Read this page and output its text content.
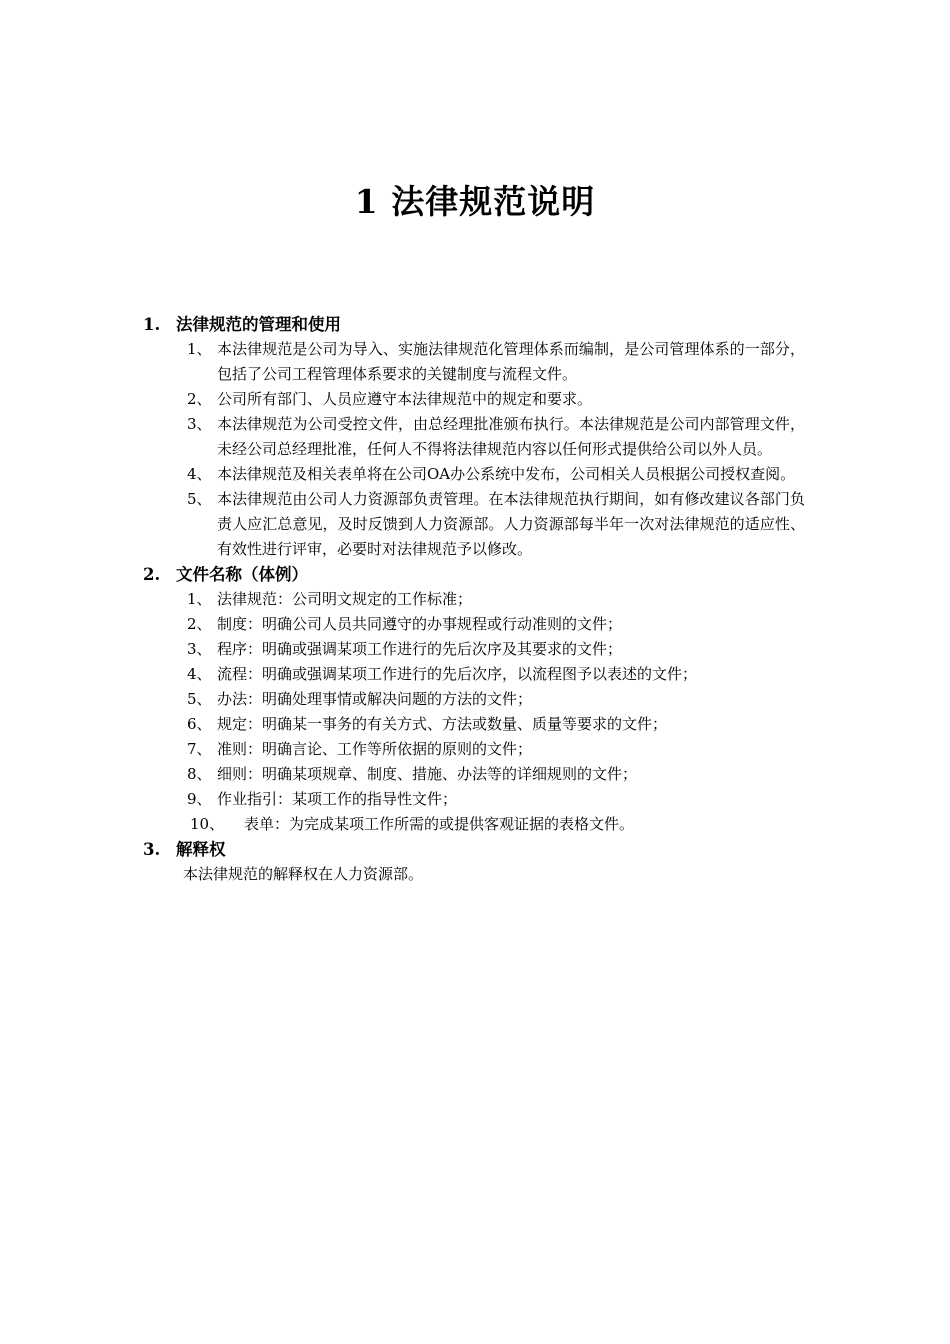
1 法律规范说明
1. 法律规范的管理和使用
1、 本法律规范是公司为导入、实施法律规范化管理体系而编制，是公司管理体系的一部分，包括了公司工程管理体系要求的关键制度与流程文件。
2、 公司所有部门、人员应遵守本法律规范中的规定和要求。
3、 本法律规范为公司受控文件，由总经理批准颁布执行。本法律规范是公司内部管理文件，未经公司总经理批准，任何人不得将法律规范内容以任何形式提供给公司以外人员。
4、 本法律规范及相关表单将在公司OA办公系统中发布，公司相关人员根据公司授权查阅。
5、 本法律规范由公司人力资源部负责管理。在本法律规范执行期间，如有修改建议各部门负责人应汇总意见，及时反馈到人力资源部。人力资源部每半年一次对法律规范的适应性、有效性进行评审，必要时对法律规范予以修改。
2. 文件名称（体例）
1、 法律规范：公司明文规定的工作标准；
2、 制度：明确公司人员共同遵守的办事规程或行动准则的文件；
3、 程序：明确或强调某项工作进行的先后次序及其要求的文件；
4、 流程：明确或强调某项工作进行的先后次序，以流程图予以表述的文件；
5、 办法：明确处理事情或解决问题的方法的文件；
6、 规定：明确某一事务的有关方式、方法或数量、质量等要求的文件；
7、 准则：明确言论、工作等所依据的原则的文件；
8、 细则：明确某项规章、制度、措施、办法等的详细规则的文件；
9、 作业指引：某项工作的指导性文件；
10、 表单：为完成某项工作所需的或提供客观证据的表格文件。
3. 解释权
本法律规范的解释权在人力资源部。
